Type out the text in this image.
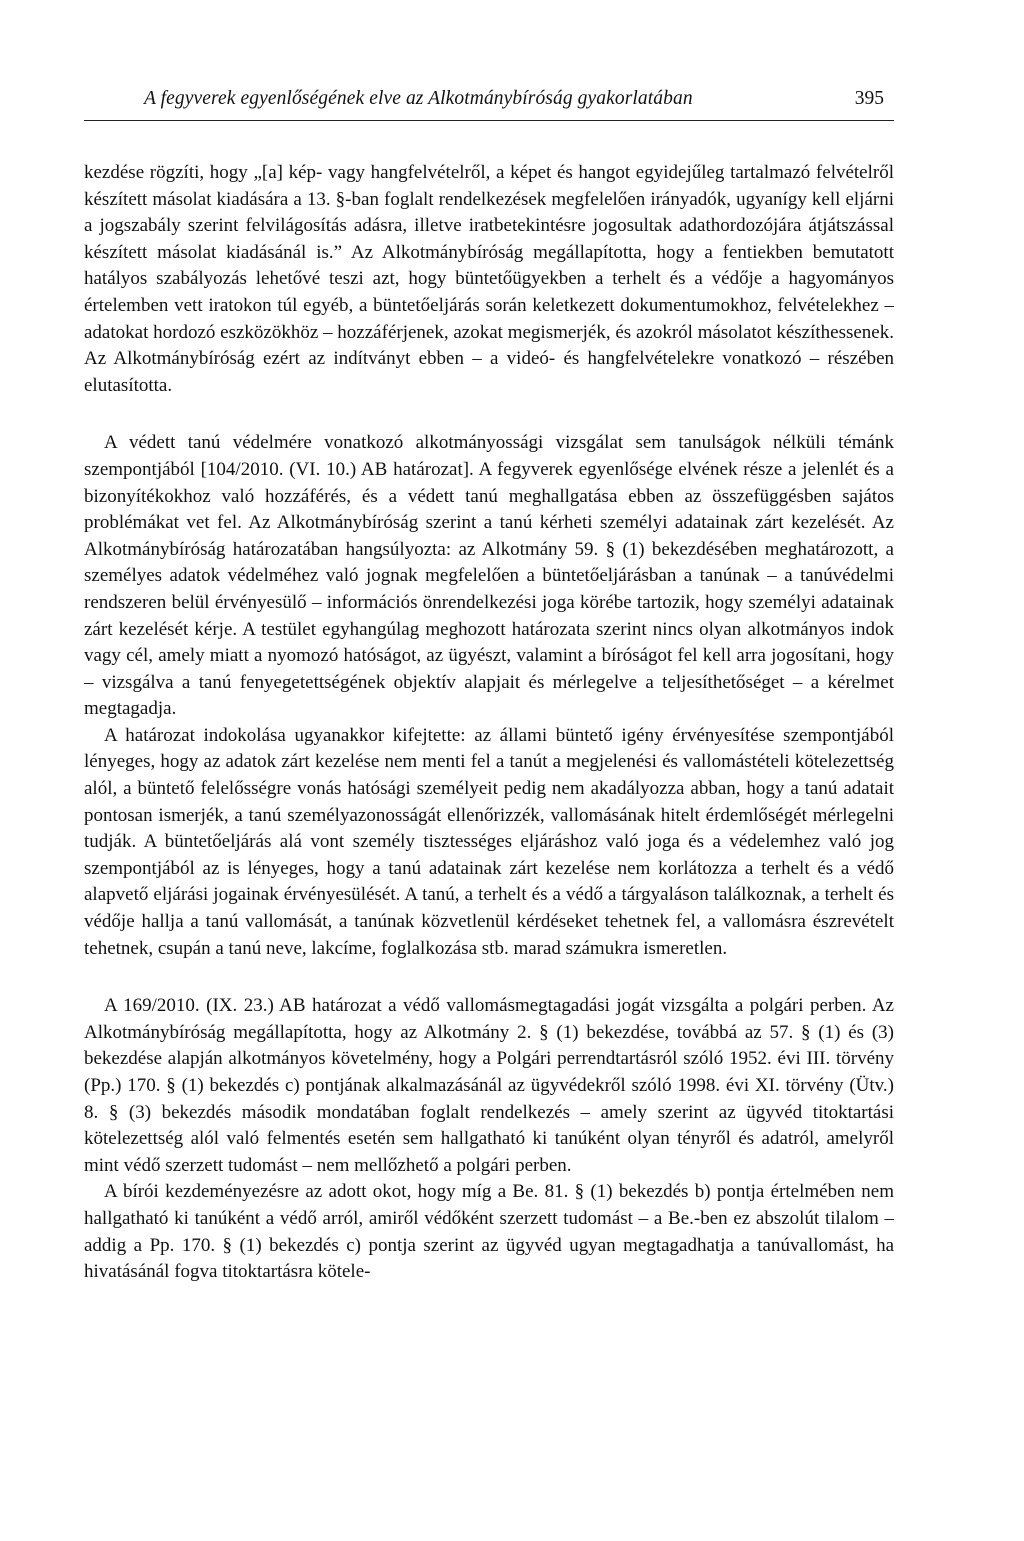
A fegyverek egyenlőségének elve az Alkotmánybíróság gyakorlatában	395

kezdése rögzíti, hogy „[a] kép- vagy hangfelvételről, a képet és hangot egyidejűleg tartalmazó felvételről készített másolat kiadására a 13. §-ban foglalt rendelkezések megfelelően irányadók, ugyanígy kell eljárni a jogszabály szerint felvilágosítás adásra, illetve iratbetekintésre jogosultak adathordozójára átjátszással készített másolat kiadásánál is.” Az Alkotmánybíróság megállapította, hogy a fentiekben bemutatott hatályos szabályozás lehetővé teszi azt, hogy büntetőügyekben a terhelt és a védője a hagyományos értelemben vett iratokon túl egyéb, a büntetőeljárás során keletkezett dokumentumokhoz, felvételekhez – adatokat hordozó eszközökhöz – hozzáférjenek, azokat megismerjék, és azokról másolatot készíthessenek. Az Alkotmánybíróság ezért az indítványt ebben – a videó- és hangfelvételekre vonatkozó – részében elutasította.

A védett tanú védelmére vonatkozó alkotmányossági vizsgálat sem tanulságok nélküli témánk szempontjából [104/2010. (VI. 10.) AB határozat]. A fegyverek egyenlősége elvének része a jelenlét és a bizonyítékokhoz való hozzáférés, és a védett tanú meghallgatása ebben az összefüggésben sajátos problémákat vet fel. Az Alkotmánybíróság szerint a tanú kérheti személyi adatainak zárt kezelését. Az Alkotmánybíróság határozatában hangsúlyozta: az Alkotmány 59. § (1) bekezdésében meghatározott, a személyes adatok védelméhez való jognak megfelelően a büntetőeljárásban a tanúnak – a tanúvédelmi rendszeren belül érvényesülő – információs önrendelkezési joga körébe tartozik, hogy személyi adatainak zárt kezelését kérje. A testület egyhangúlag meghozott határozata szerint nincs olyan alkotmányos indok vagy cél, amely miatt a nyomozó hatóságot, az ügyészt, valamint a bíróságot fel kell arra jogosítani, hogy – vizsgálva a tanú fenyegetettségének objektív alapjait és mérlegelve a teljesíthetőséget – a kérelmet megtagadja.

A határozat indokolása ugyanakkor kifejtette: az állami büntető igény érvényesítése szempontjából lényeges, hogy az adatok zárt kezelése nem menti fel a tanút a megjelenési és vallomástételi kötelezettség alól, a büntető felelősségre vonás hatósági személyeit pedig nem akadályozza abban, hogy a tanú adatait pontosan ismerjék, a tanú személyazonosságát ellenőrizzék, vallomásának hitelt érdemlőségét mérlegelni tudják. A büntetőeljárás alá vont személy tisztességes eljáráshoz való joga és a védelemhez való jog szempontjából az is lényeges, hogy a tanú adatainak zárt kezelése nem korlátozza a terhelt és a védő alapvető eljárási jogainak érvényesülését. A tanú, a terhelt és a védő a tárgyaláson találkoznak, a terhelt és védője hallja a tanú vallomását, a tanúnak közvetlenül kérdéseket tehetnek fel, a vallomásra észrevételt tehetnek, csupán a tanú neve, lakcíme, foglalkozása stb. marad számukra ismeretlen.

A 169/2010. (IX. 23.) AB határozat a védő vallomásmegtagadási jogát vizsgálta a polgári perben. Az Alkotmánybíróság megállapította, hogy az Alkotmány 2. § (1) bekezdése, továbbá az 57. § (1) és (3) bekezdése alapján alkotmányos követelmény, hogy a Polgári perrendtartásról szóló 1952. évi III. törvény (Pp.) 170. § (1) bekezdés c) pontjának alkalmazásánál az ügyvédekről szóló 1998. évi XI. törvény (Ütv.) 8. § (3) bekezdés második mondatában foglalt rendelkezés – amely szerint az ügyvéd titoktartási kötelezettség alól való felmentés esetén sem hallgatható ki tanúként olyan tényről és adatról, amelyről mint védő szerzett tudomást – nem mellőzhető a polgári perben.

A bírói kezdeményezésre az adott okot, hogy míg a Be. 81. § (1) bekezdés b) pontja értelmében nem hallgatható ki tanúként a védő arról, amiről védőként szerzett tudomást – a Be.-ben ez abszolút tilalom – addig a Pp. 170. § (1) bekezdés c) pontja szerint az ügyvéd ugyan megtagadhatja a tanúvallomást, ha hivatásánál fogva titoktartásra kötele-
